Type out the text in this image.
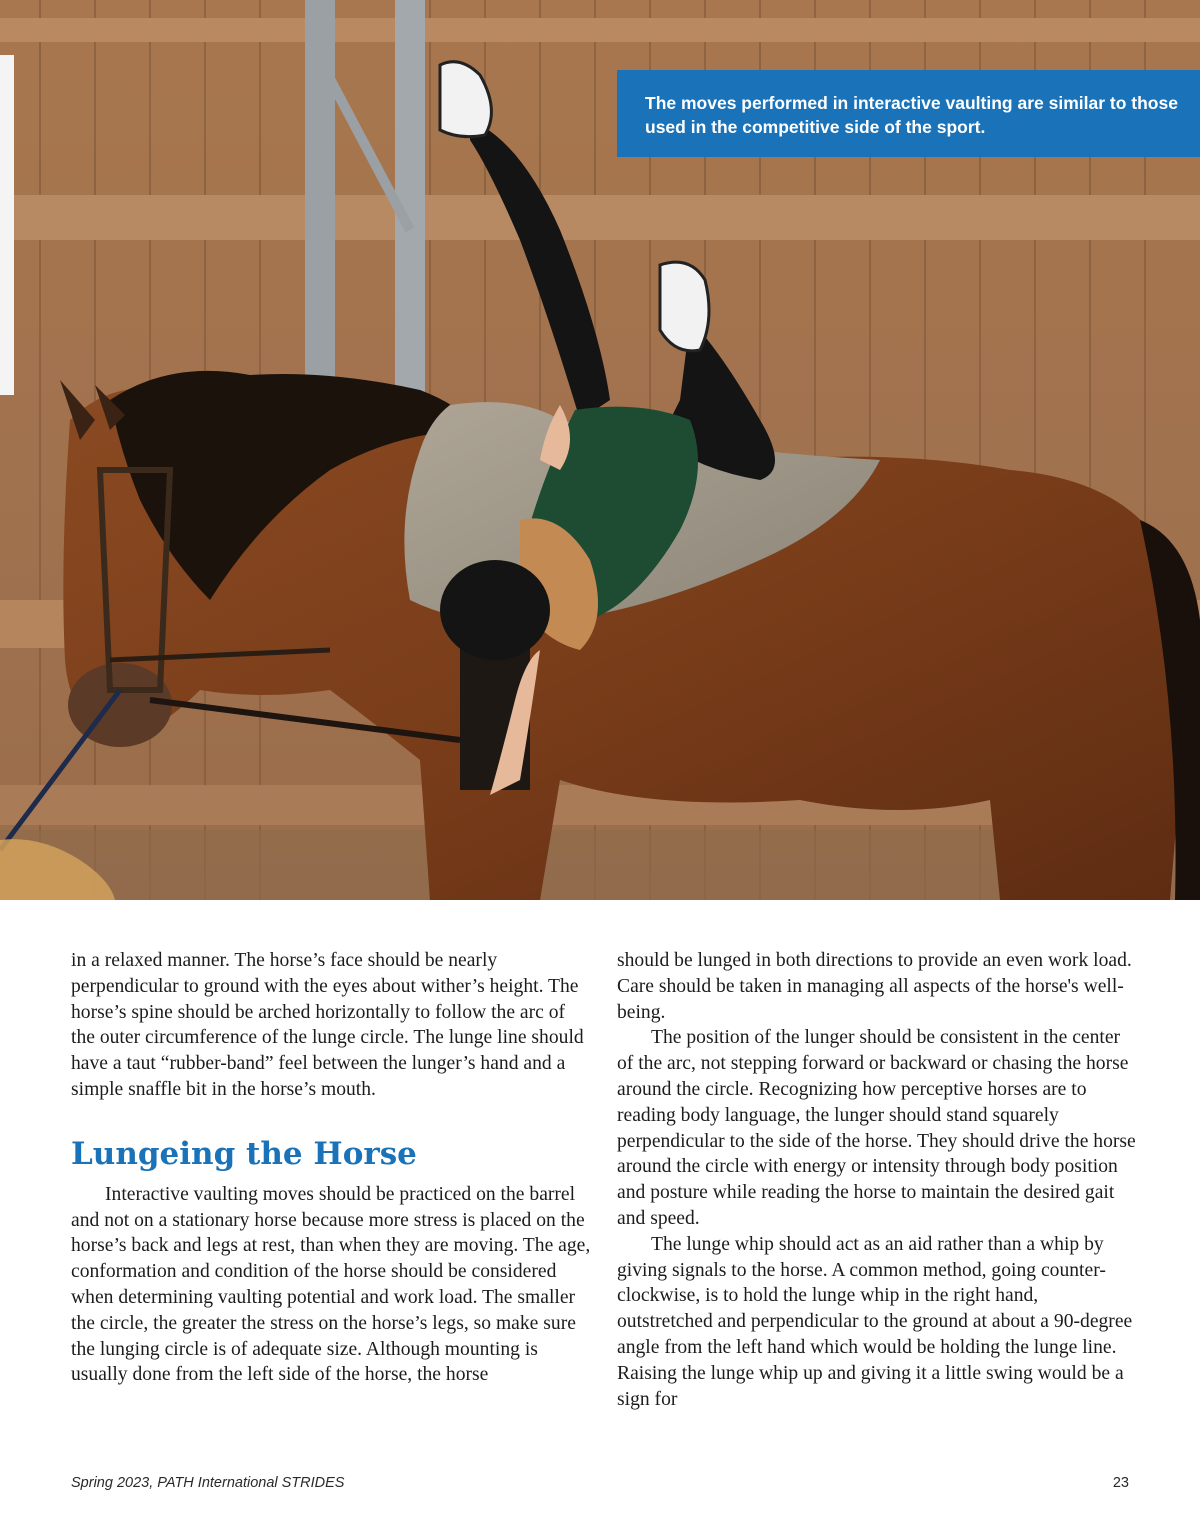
The moves performed in interactive vaulting are similar to those used in the competitive side of the sport.

in a relaxed manner. The horse’s face should be nearly perpendicular to ground with the eyes about wither’s height. The horse’s spine should be arched horizontally to follow the arc of the outer circumference of the lunge circle. The lunge line should have a taut “rubber-band” feel between the lunger’s hand and a simple snaffle bit in the horse’s mouth.

Lungeing the Horse

Interactive vaulting moves should be practiced on the barrel and not on a stationary horse because more stress is placed on the horse’s back and legs at rest, than when they are moving. The age, conformation and condition of the horse should be considered when determining vaulting potential and work load. The smaller the circle, the greater the stress on the horse’s legs, so make sure the lunging circle is of adequate size. Although mounting is usually done from the left side of the horse, the horse

should be lunged in both directions to provide an even work load. Care should be taken in managing all aspects of the horse's well-being.

The position of the lunger should be consistent in the center of the arc, not stepping forward or backward or chasing the horse around the circle. Recognizing how perceptive horses are to reading body language, the lunger should stand squarely perpendicular to the side of the horse. They should drive the horse around the circle with energy or intensity through body position and posture while reading the horse to maintain the desired gait and speed.

The lunge whip should act as an aid rather than a whip by giving signals to the horse. A common method, going counter-clockwise, is to hold the lunge whip in the right hand, outstretched and perpendicular to the ground at about a 90-degree angle from the left hand which would be holding the lunge line. Raising the lunge whip up and giving it a little swing would be a sign for

Spring 2023, PATH International STRIDES	23
